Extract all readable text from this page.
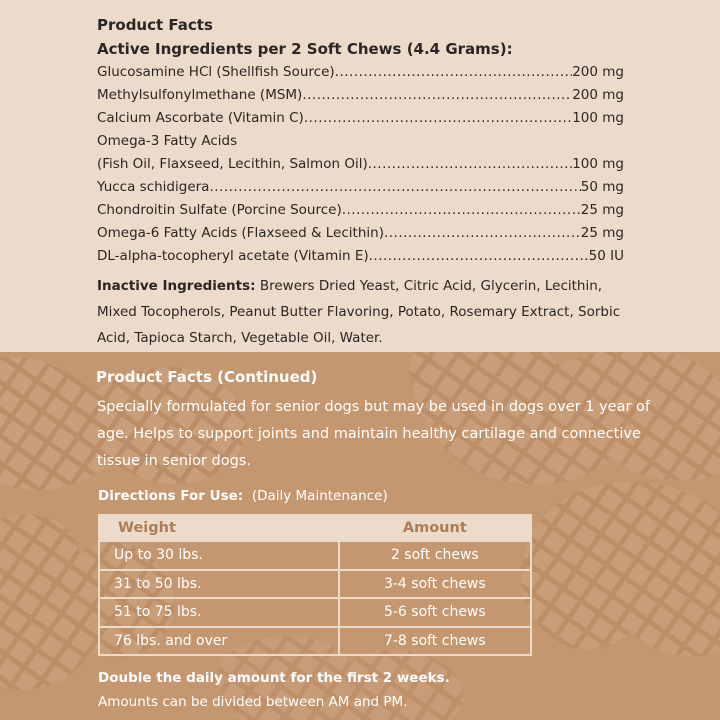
Product Facts
Active Ingredients per 2 Soft Chews (4.4 Grams):
Glucosamine HCl (Shellfish Source) .....	200 mg
Methylsulfonylmethane (MSM) .....	200 mg
Calcium Ascorbate (Vitamin C) .....	100 mg
Omega-3 Fatty Acids
(Fish Oil, Flaxseed, Lecithin, Salmon Oil) .....	100 mg
Yucca schidigera .....	50 mg
Chondroitin Sulfate (Porcine Source) .....	25 mg
Omega-6 Fatty Acids (Flaxseed & Lecithin) .....	25 mg
DL-alpha-tocopheryl acetate (Vitamin E) .....	50 IU

Inactive Ingredients: Brewers Dried Yeast, Citric Acid, Glycerin, Lecithin, Mixed Tocopherols, Peanut Butter Flavoring, Potato, Rosemary Extract, Sorbic Acid, Tapioca Starch, Vegetable Oil, Water.

Product Facts (Continued)

Specially formulated for senior dogs but may be used in dogs over 1 year of age. Helps to support joints and maintain healthy cartilage and connective tissue in senior dogs.

Directions For Use: (Daily Maintenance)

Weight	Amount
Up to 30 lbs.	2 soft chews
31 to 50 lbs.	3-4 soft chews
51 to 75 lbs.	5-6 soft chews
76 lbs. and over	7-8 soft chews

Double the daily amount for the first 2 weeks.

Amounts can be divided between AM and PM.
